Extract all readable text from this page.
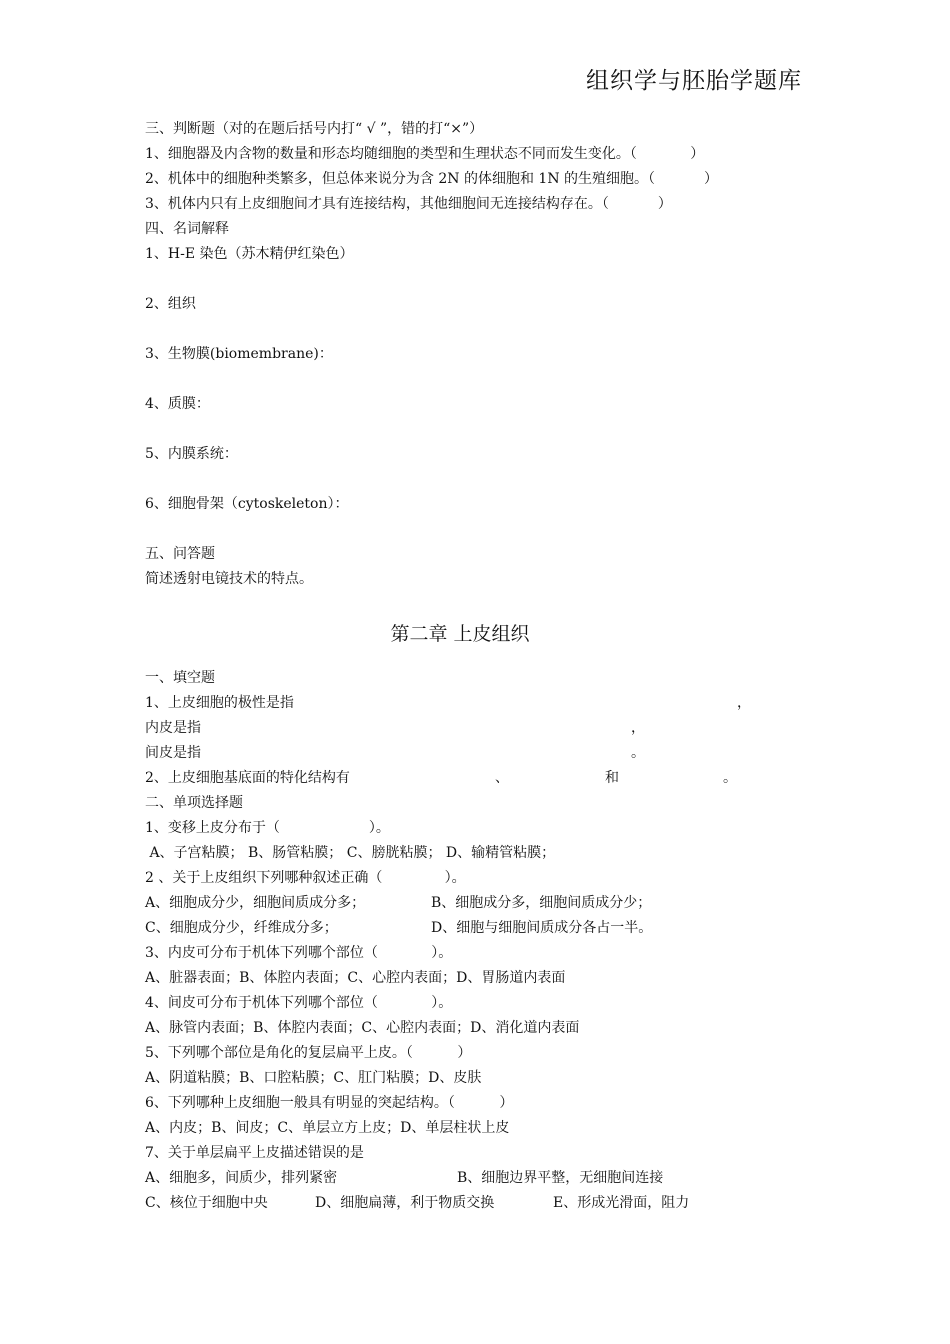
组织学与胚胎学题库
三、判断题（对的在题后括号内打“ √ ”，错的打“×”）
1、细胞器及内含物的数量和形态均随细胞的类型和生理状态不同而发生变化。（            ）
2、机体中的细胞种类繁多，但总体来说分为含 2N 的体细胞和 1N 的生殖细胞。（           ）
3、机体内只有上皮细胞间才具有连接结构，其他细胞间无连接结构存在。（           ）
四、名词解释
1、H-E 染色（苏木精伊红染色）
2、组织
3、生物膜(biomembrane)：
4、质膜：
5、内膜系统：
6、细胞骨架（cytoskeleton）：
五、问答题
简述透射电镜技术的特点。
第二章 上皮组织
一、填空题

1、上皮细胞的极性是指

	，

内皮是指

	，

间皮是指

	。

2、上皮细胞基底面的特化结构有

	、

	和

	。

二、单项选择题
1、变移上皮分布于（                    ）。
A、子宫粘膜； B、肠管粘膜； C、膀胱粘膜； D、输精管粘膜；
2 、关于上皮组织下列哪种叙述正确（              ）。

A、细胞成分少，细胞间质成分多；

	B、细胞成分多，细胞间质成分少；

C、细胞成分少，纤维成分多；

	D、细胞与细胞间质成分各占一半。

3、内皮可分布于机体下列哪个部位（            ）。
A、脏器表面；B、体腔内表面；C、心腔内表面；D、胃肠道内表面
4、间皮可分布于机体下列哪个部位（            ）。
A、脉管内表面；B、体腔内表面；C、心腔内表面；D、消化道内表面
5、下列哪个部位是角化的复层扁平上皮。（          ）
A、阴道粘膜；B、口腔粘膜；C、肛门粘膜；D、皮肤
6、下列哪种上皮细胞一般具有明显的突起结构。（          ）
A、内皮；B、间皮；C、单层立方上皮；D、单层柱状上皮
7、关于单层扁平上皮描述错误的是

A、细胞多，间质少，排列紧密

	B、细胞边界平整，无细胞间连接

C、核位于细胞中央

	D、细胞扁薄，利于物质交换

	E、形成光滑面，阻力
